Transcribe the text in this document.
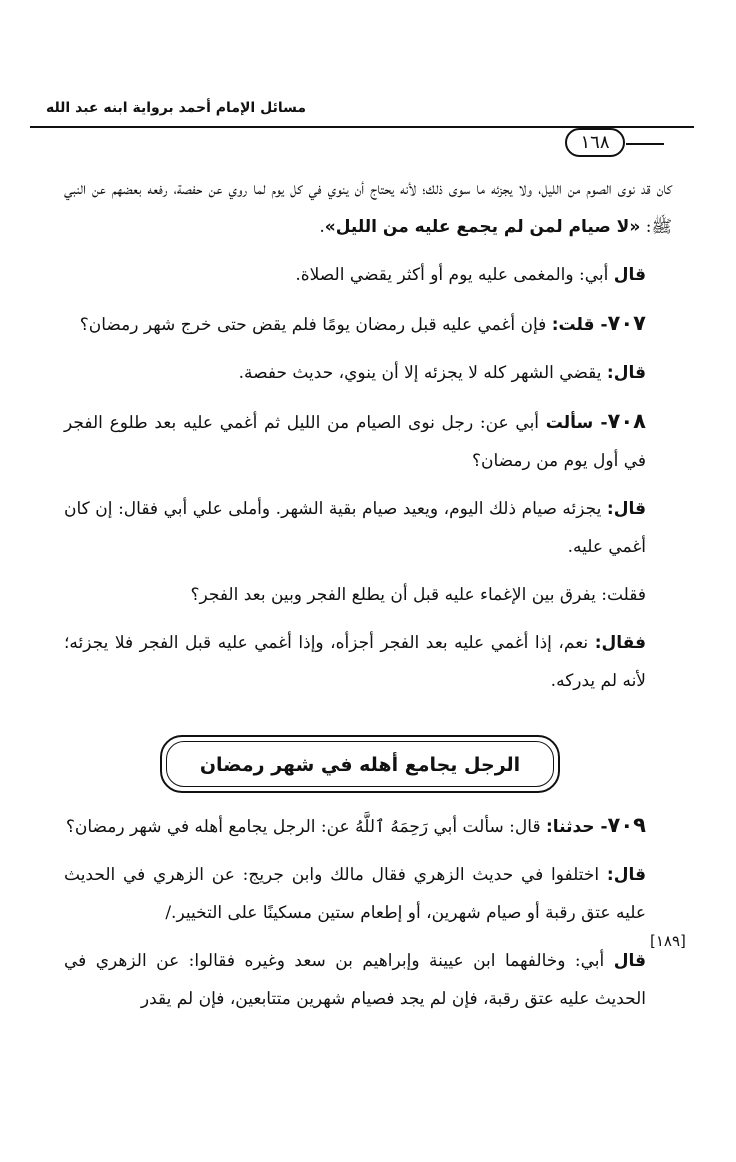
مسائل الإمام أحمد برواية ابنه عبد الله
١٦٨

كان قد نوى الصوم من الليل، ولا يجزئه ما سوى ذلك؛ لأنه يحتاج أن ينوي في كل يوم لما روي عن حفصة، رفعه بعضهم عن النبي ﷺ: «لا صيام لمن لم يجمع عليه من الليل».

قال أبي: والمغمى عليه يوم أو أكثر يقضي الصلاة.

٧٠٧- قلت: فإن أغمي عليه قبل رمضان يومًا فلم يقض حتى خرج شهر رمضان؟

قال: يقضي الشهر كله لا يجزئه إلا أن ينوي، حديث حفصة.

٧٠٨- سألت أبي عن: رجل نوى الصيام من الليل ثم أغمي عليه بعد طلوع الفجر في أول يوم من رمضان؟

قال: يجزئه صيام ذلك اليوم، ويعيد صيام بقية الشهر. وأملى علي أبي فقال: إن كان أغمي عليه.

فقلت: يفرق بين الإغماء عليه قبل أن يطلع الفجر وبين بعد الفجر؟

فقال: نعم، إذا أغمي عليه بعد الفجر أجزأه، وإذا أغمي عليه قبل الفجر فلا يجزئه؛ لأنه لم يدركه.

الرجل يجامع أهله في شهر رمضان

٧٠٩- حدثنا: قال: سألت أبي رَحِمَهُ ٱللَّهُ عن: الرجل يجامع أهله في شهر رمضان؟

قال: اختلفوا في حديث الزهري فقال مالك وابن جريج: عن الزهري في الحديث عليه عتق رقبة أو صيام شهرين، أو إطعام ستين مسكينًا على التخيير./

قال أبي: وخالفهما ابن عيينة وإبراهيم بن سعد وغيره فقالوا: عن الزهري في الحديث عليه عتق رقبة، فإن لم يجد فصيام شهرين متتابعين، فإن لم يقدر

[١٨٩]
